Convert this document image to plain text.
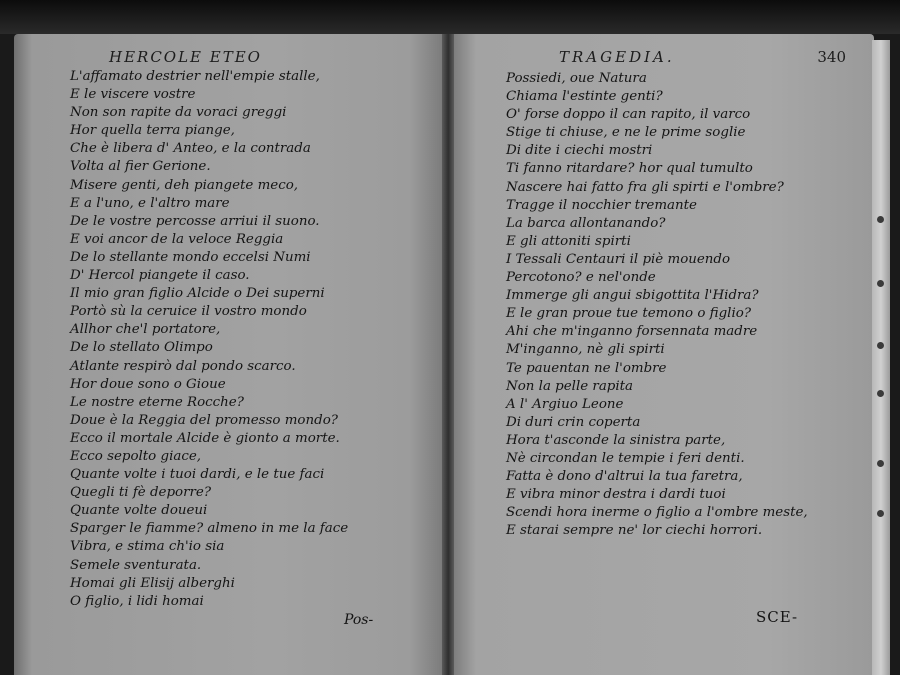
HERCOLE ETEO
L'affamato destrier nell'empie stalle,
E le viscere vostre
Non son rapite da voraci greggi
Hor quella terra piange,
Che è libera d' Anteo, e la contrada
Volta al fier Gerione.
Misere genti, deh piangete meco,
E a l'uno, e l'altro mare
De le vostre percosse arriui il suono.
E voi ancor de la veloce Reggia
De lo stellante mondo eccelsi Numi
D' Hercol piangete il caso.
Il mio gran figlio Alcide o Dei superni
Portò sù la ceruice il vostro mondo
Allhor che'l portatore,
De lo stellato Olimpo
Atlante respirò dal pondo scarco.
Hor doue sono o Gioue
Le nostre eterne Rocche?
Doue è la Reggia del promesso mondo?
Ecco il mortale Alcide è gionto a morte.
Ecco sepolto giace,
Quante volte i tuoi dardi, e le tue faci
Quegli ti fè deporre?
Quante volte doueui
Sparger le fiamme? almeno in me la face
Vibra, e stima ch'io sia
Semele sventurata.
Homai gli Elisij alberghi
O figlio, i lidi homai
Pos-
TRAGEDIA.	340
Possiedi, oue Natura
Chiama l'estinte genti?
O' forse doppo il can rapito, il varco
Stige ti chiuse, e ne le prime soglie
Di dite i ciechi mostri
Ti fanno ritardare? hor qual tumulto
Nascere hai fatto fra gli spirti e l'ombre?
Tragge il nocchier tremante
La barca allontanando?
E gli attoniti spirti
I Tessali Centauri il piè mouendo
Percotono? e nel'onde
Immerge gli angui sbigottita l'Hidra?
E le gran proue tue temono o figlio?
Ahi che m'inganno forsennata madre
M'inganno, nè gli spirti
Te pauentan ne l'ombre
Non la pelle rapita
A l' Argiuo Leone
Di duri crin coperta
Hora t'asconde la sinistra parte,
Nè circondan le tempie i feri denti.
Fatta è dono d'altrui la tua faretra,
E vibra minor destra i dardi tuoi
Scendi hora inerme o figlio a l'ombre meste,
E starai sempre ne' lor ciechi horrori.
SCE-
